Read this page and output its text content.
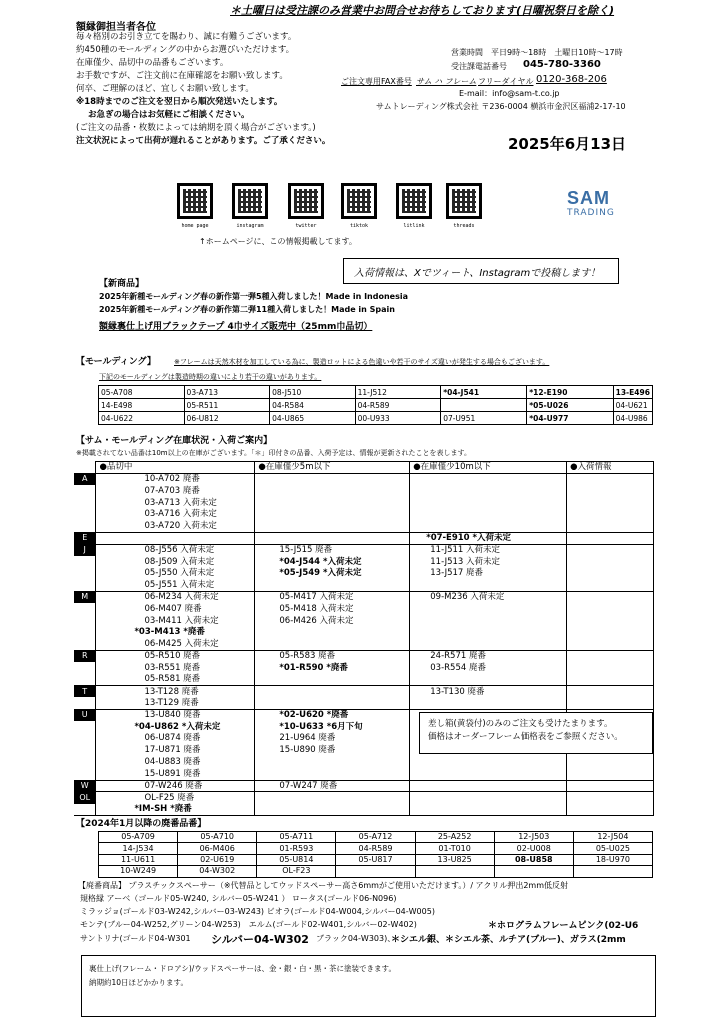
＊土曜日は受注課のみ営業中お問合せお待ちしております(日曜祝祭日を除く)
額縁御担当者各位
毎々格別のお引き立てを賜わり、誠に有難うございます。
約450種のモールディングの中からお選びいただけます。
在庫僅少、品切中の品番もございます。
お手数ですが、ご注文前に在庫確認をお願い致します。
何卒、ご理解のほど、宜しくお願い致します。
※18時までのご注文を翌日から順次発送いたします。
お急ぎの場合はお気軽にご相談ください。
(ご注文の品番・枚数によっては納期を頂く場合がございます。)
注文状況によって出荷が遅れることがあります。ご了承ください。
営業時間　平日9時～18時　土曜日10時～17時
受注課電話番号 045-780-3360
ご注文専用FAX番号 サム ハ フレーム フリーダイヤル 0120-368-206
E-mail：info@sam-t.co.jp
サムトレーディング株式会社 〒236-0004 横浜市金沢区福浦2-17-10
2025年6月13日
home page	instagram	twitter	tiktok	litlink	threads
↑ホームページに、この情報掲載してます。
SAM
TRADING
入荷情報は、Xでツィート、Instagramで投稿します！
【新商品】
2025年新種モールディング春の新作第一弾5種入荷しました！Made in Indonesia
2025年新種モールディング春の新作第二弾11種入荷しました！Made in Spain
額縁裏仕上げ用ブラックテープ 4巾サイズ販売中（25mm巾品切）
【モールディング】	※フレームは天然木材を加工している為に、製造ロットによる色違いや若干のサイズ違いが発生する場合もございます。
下記のモールディングは製造時期の違いにより若干の違いがあります。
05-A708	03-A713	08-J510	11-J512	*04-J541	*12-E190	13-E496
14-E498	05-R511	04-R584	04-R589		*05-U026	04-U621
04-U622	06-U812	04-U865	00-U933	07-U951	*04-U977	04-U986
【サム・モールディング在庫状況・入荷ご案内】
※掲載されてない品番は10m以上の在庫がございます。「＊」印付きの品番、入荷予定は、情報が更新されたことを表します。
	●品切中	●在庫僅少5m以下	●在庫僅少10m以下	●入荷情報
A	10-A702 廃番			
	07-A703 廃番			
	03-A713 入荷未定			
	03-A716 入荷未定			
	03-A720 入荷未定			
E			*07-E910 *入荷未定	
J	08-J556 入荷未定	15-J515 廃番	11-J511 入荷未定	
	08-J509 入荷未定	*04-J544 *入荷未定	11-J513 入荷未定	
	05-J550 入荷未定	*05-J549 *入荷未定	13-J517 廃番	
	05-J551 入荷未定			
M	06-M234 入荷未定	05-M417 入荷未定	09-M236 入荷未定	
	06-M407 廃番	05-M418 入荷未定		
	03-M411 入荷未定	06-M426 入荷未定		
	*03-M413 *廃番			
	06-M425 入荷未定			
R	05-R510 廃番	05-R583 廃番	24-R571 廃番	
	03-R551 廃番	*01-R590 *廃番	03-R554 廃番	
	05-R581 廃番			
T	13-T128 廃番		13-T130 廃番	
	13-T129 廃番			
U	13-U840 廃番	*02-U620 *廃番		
	*04-U862 *入荷未定	*10-U633 *6月下旬		
	06-U874 廃番	21-U964 廃番		
	17-U871 廃番	15-U890 廃番		
	04-U883 廃番			
	15-U891 廃番			
W	07-W246 廃番	07-W247 廃番		
OL	OL-F25 廃番			
	*IM-SH *廃番			
差し箱(黄袋付)のみのご注文も受けたまります。
価格はオーダーフレーム価格表をご参照ください。
【2024年1月以降の廃番品番】
05-A709	05-A710	05-A711	05-A712	25-A252	12-J503	12-J504
14-J534	06-M406	01-R593	04-R589	01-T010	02-U008	05-U025
11-U611	02-U619	05-U814	05-U817	13-U825	08-U858	18-U970
10-W249	04-W302	OL-F23				
【廃番商品】 プラスチックスペーサー（※代替品としてウッドスペーサー高さ6mmがご使用いただけます。）/ アクリル押出2mm低反射
規格縁 アーベ（ゴールド05-W240, シルバー05-W241 ） ロータス(ゴールド06-N096)
ミラッジョ(ゴールド03-W242,シルバー03-W243) ビオラ(ゴールド04-W004,シルバー04-W005)
モンテ(ブルー04-W252,グリーン04-W253)　エルム(ゴールド02-W401,シルバー02-W402)	＊ホログラムフレームピンク(02-U6
サントリナ(ゴールド04-W301 シルバー04-W302 ブラック04-W303)、
＊シエル銀、＊シエル茶、ルチア(ブルー)、ガラス(2mm
裏仕上げ(フレーム・ドロアシ)/ウッドスペーサーは、金・銀・白・黒・茶に塗装できます。
納期約10日ほどかかります。
